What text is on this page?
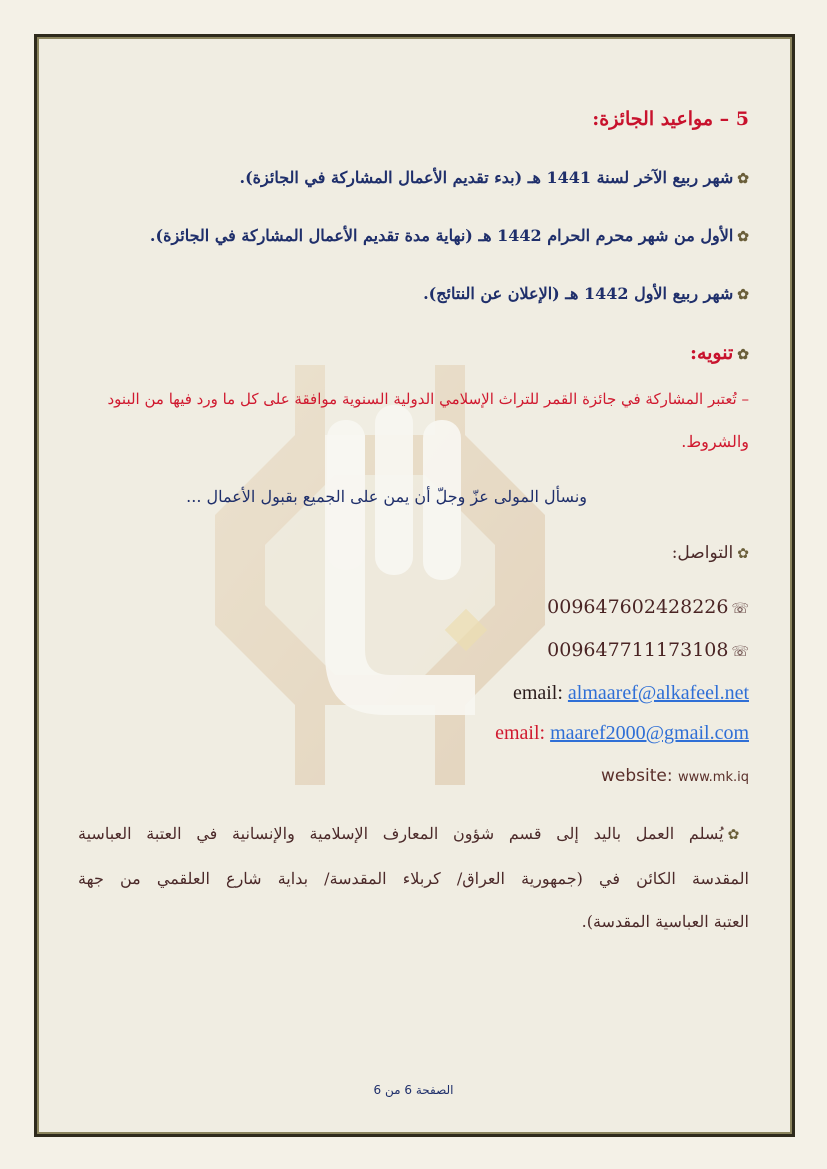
5 – مواعيد الجائزة:
✿شهر ربيع الآخر لسنة 1441 هـ (بدء تقديم الأعمال المشاركة في الجائزة).
✿الأول من شهر محرم الحرام 1442 هـ (نهاية مدة تقديم الأعمال المشاركة في الجائزة).
✿شهر ربيع الأول 1442 هـ (الإعلان عن النتائج).
✿تنويه:
– تُعتبر المشاركة في جائزة القمر للتراث الإسلامي الدولية السنوية موافقة على كل ما ورد فيها من البنود
والشروط.
ونسأل المولى عزّ وجلّ أن يمن على الجميع بقبول الأعمال ...
✿التواصل:
009647602428226 ☏
009647711173108 ☏
email: almaaref@alkafeel.net
email: maaref2000@gmail.com
website: www.mk.iq
✿يُسلم العمل باليد إلى قسم شؤون المعارف الإسلامية والإنسانية في العتبة العباسية
المقدسة الكائن في (جمهورية العراق/ كربلاء المقدسة/ بداية شارع العلقمي من جهة
العتبة العباسية المقدسة).
الصفحة 6 من 6
